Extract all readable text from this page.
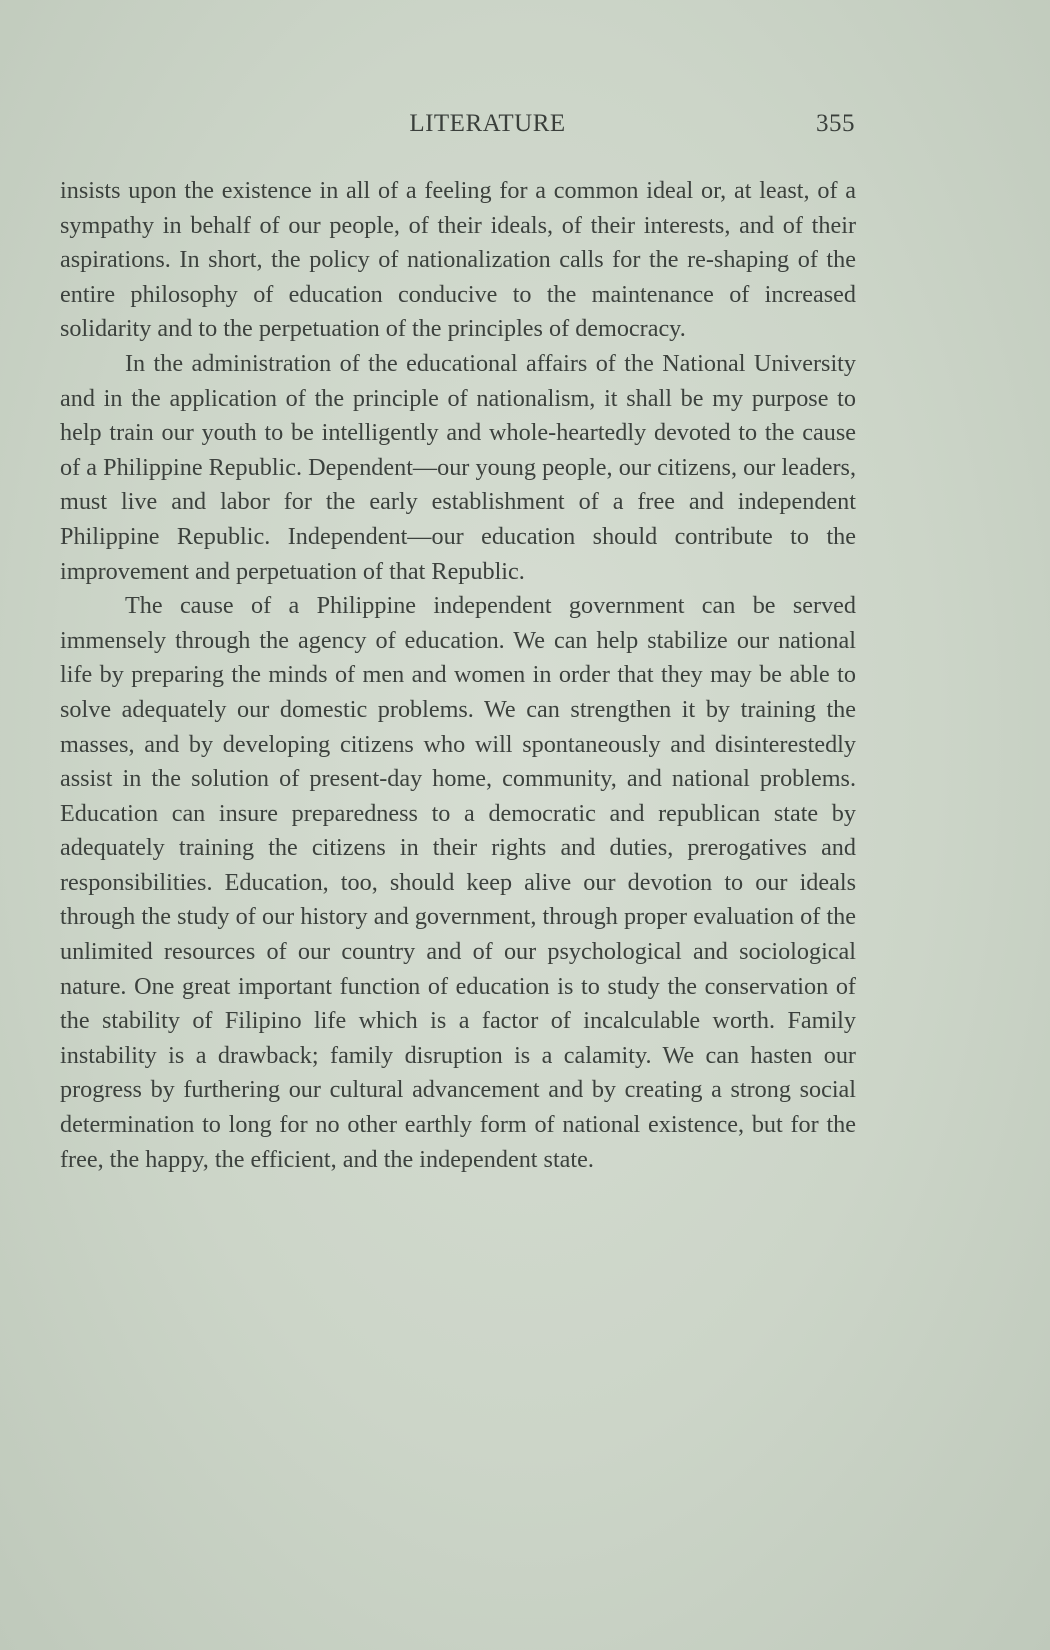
LITERATURE	355

insists upon the existence in all of a feeling for a common ideal or, at least, of a sympathy in behalf of our people, of their ideals, of their interests, and of their aspirations. In short, the policy of nationalization calls for the re-shaping of the entire philosophy of education conducive to the maintenance of increased solidarity and to the perpetuation of the principles of democracy.

In the administration of the educational affairs of the National University and in the application of the principle of nationalism, it shall be my purpose to help train our youth to be intelligently and whole-heartedly devoted to the cause of a Philippine Republic. Dependent—our young people, our citizens, our leaders, must live and labor for the early establishment of a free and independent Philippine Republic. Independent—our education should contribute to the improvement and perpetuation of that Republic.

The cause of a Philippine independent government can be served immensely through the agency of education. We can help stabilize our national life by preparing the minds of men and women in order that they may be able to solve adequately our domestic problems. We can strengthen it by training the masses, and by developing citizens who will spontaneously and disinterestedly assist in the solution of present-day home, community, and national problems. Education can insure preparedness to a democratic and republican state by adequately training the citizens in their rights and duties, prerogatives and responsibilities. Education, too, should keep alive our devotion to our ideals through the study of our history and government, through proper evaluation of the unlimited resources of our country and of our psychological and sociological nature. One great important function of education is to study the conservation of the stability of Filipino life which is a factor of incalculable worth. Family instability is a drawback; family disruption is a calamity. We can hasten our progress by furthering our cultural advancement and by creating a strong social determination to long for no other earthly form of national existence, but for the free, the happy, the efficient, and the independent state.
